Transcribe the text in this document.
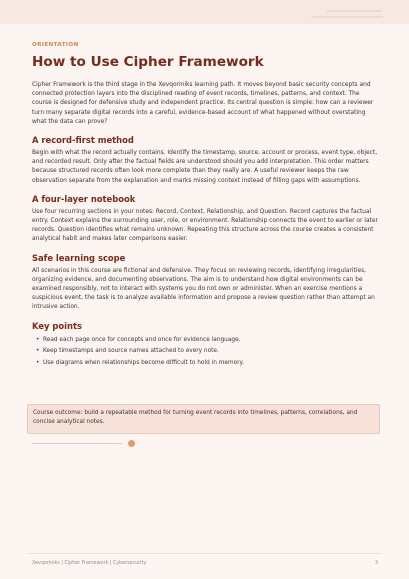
ORIENTATION
How to Use Cipher Framework

Cipher Framework is the third stage in the Xevqoriniks learning path. It moves beyond basic security concepts and connected protection layers into the disciplined reading of event records, timelines, patterns, and context. The course is designed for defensive study and independent practice. Its central question is simple: how can a reviewer turn many separate digital records into a careful, evidence-based account of what happened without overstating what the data can prove?

A record-first method

Begin with what the record actually contains. Identify the timestamp, source, account or process, event type, object, and recorded result. Only after the factual fields are understood should you add interpretation. This order matters because structured records often look more complete than they really are. A useful reviewer keeps the raw observation separate from the explanation and marks missing context instead of filling gaps with assumptions.

A four-layer notebook

Use four recurring sections in your notes: Record, Context, Relationship, and Question. Record captures the factual entry. Context explains the surrounding user, role, or environment. Relationship connects the event to earlier or later records. Question identifies what remains unknown. Repeating this structure across the course creates a consistent analytical habit and makes later comparisons easier.

Safe learning scope

All scenarios in this course are fictional and defensive. They focus on reviewing records, identifying irregularities, organizing evidence, and documenting observations. The aim is to understand how digital environments can be examined responsibly, not to interact with systems you do not own or administer. When an exercise mentions a suspicious event, the task is to analyze available information and propose a review question rather than attempt an intrusive action.

Key points
• Read each page once for concepts and once for evidence language.
• Keep timestamps and source names attached to every note.
• Use diagrams when relationships become difficult to hold in memory.

Course outcome: build a repeatable method for turning event records into timelines, patterns, correlations, and concise analytical notes.

Xevqoriniks | Cipher Framework | Cybersecurity	3
